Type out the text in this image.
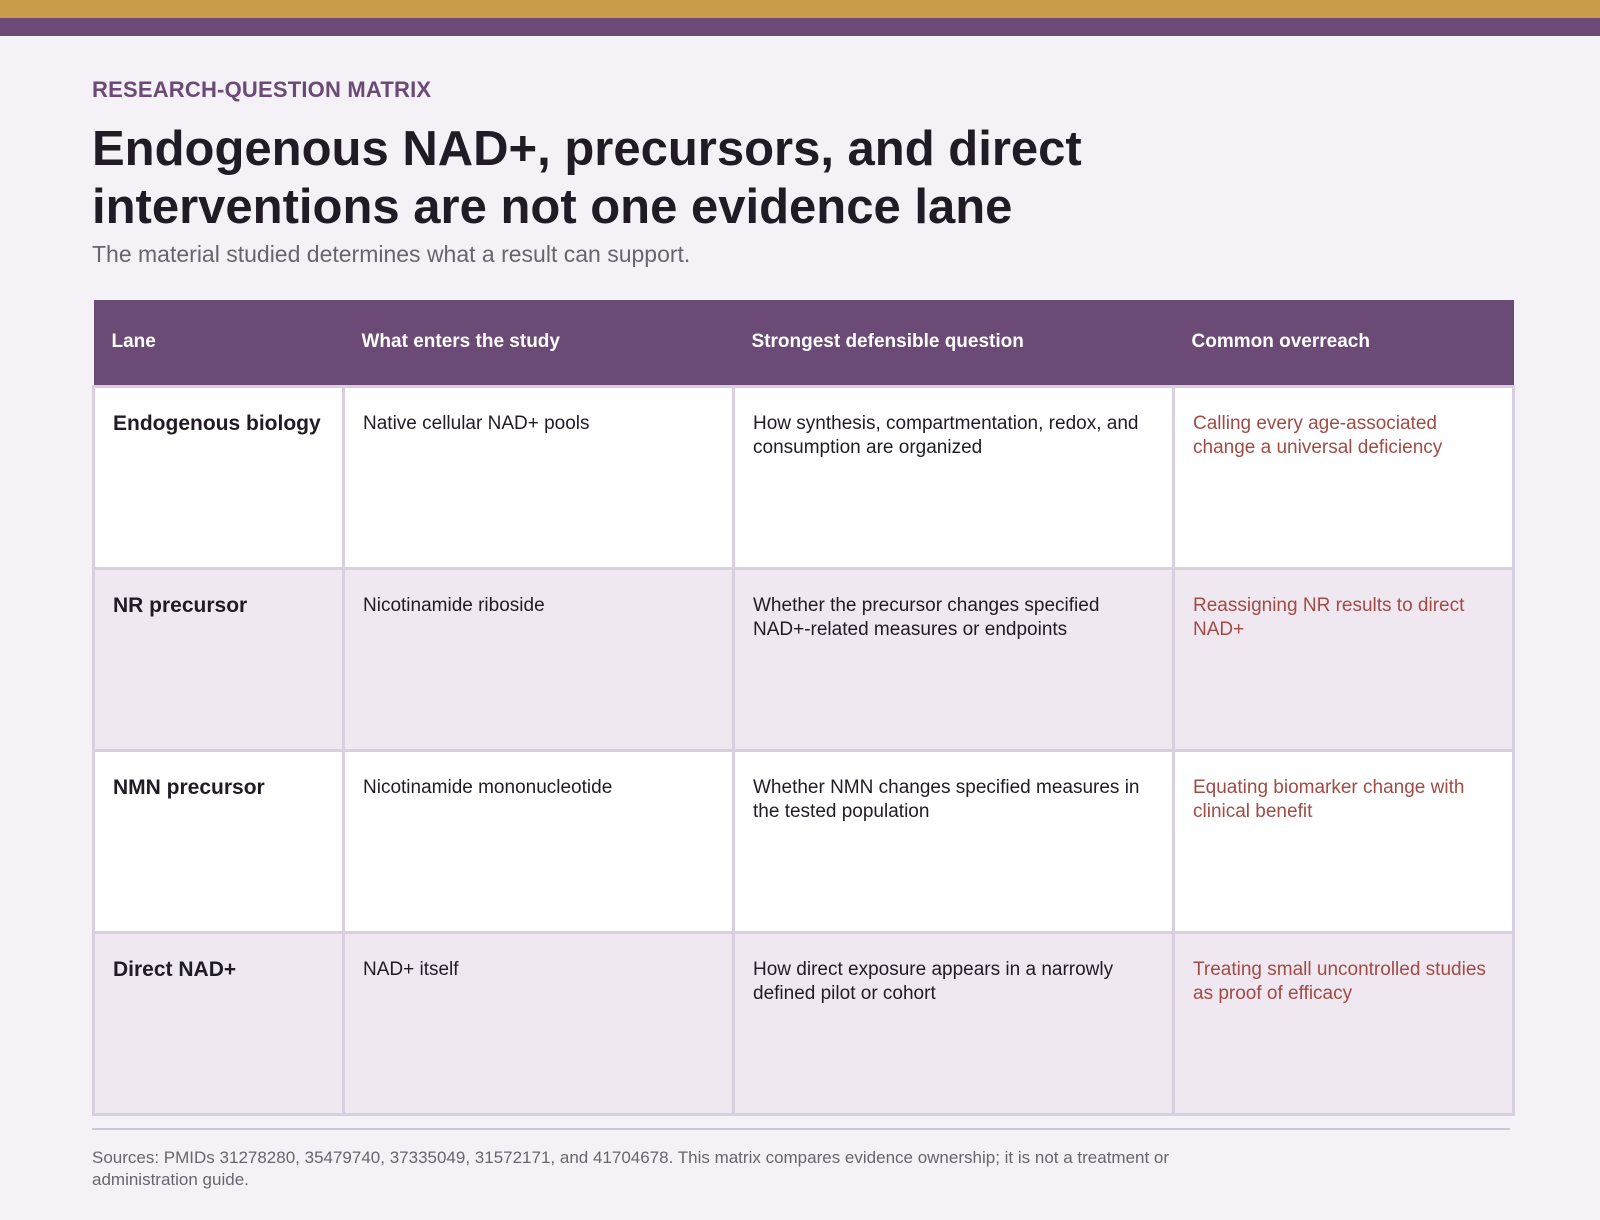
RESEARCH-QUESTION MATRIX
Endogenous NAD+, precursors, and direct interventions are not one evidence lane
The material studied determines what a result can support.
Lane	What enters the study	Strongest defensible question	Common overreach
Endogenous biology	Native cellular NAD+ pools	How synthesis, compartmentation, redox, and consumption are organized	Calling every age-associated change a universal deficiency
NR precursor	Nicotinamide riboside	Whether the precursor changes specified NAD+-related measures or endpoints	Reassigning NR results to direct NAD+
NMN precursor	Nicotinamide mononucleotide	Whether NMN changes specified measures in the tested population	Equating biomarker change with clinical benefit
Direct NAD+	NAD+ itself	How direct exposure appears in a narrowly defined pilot or cohort	Treating small uncontrolled studies as proof of efficacy
Sources: PMIDs 31278280, 35479740, 37335049, 31572171, and 41704678. This matrix compares evidence ownership; it is not a treatment or administration guide.
